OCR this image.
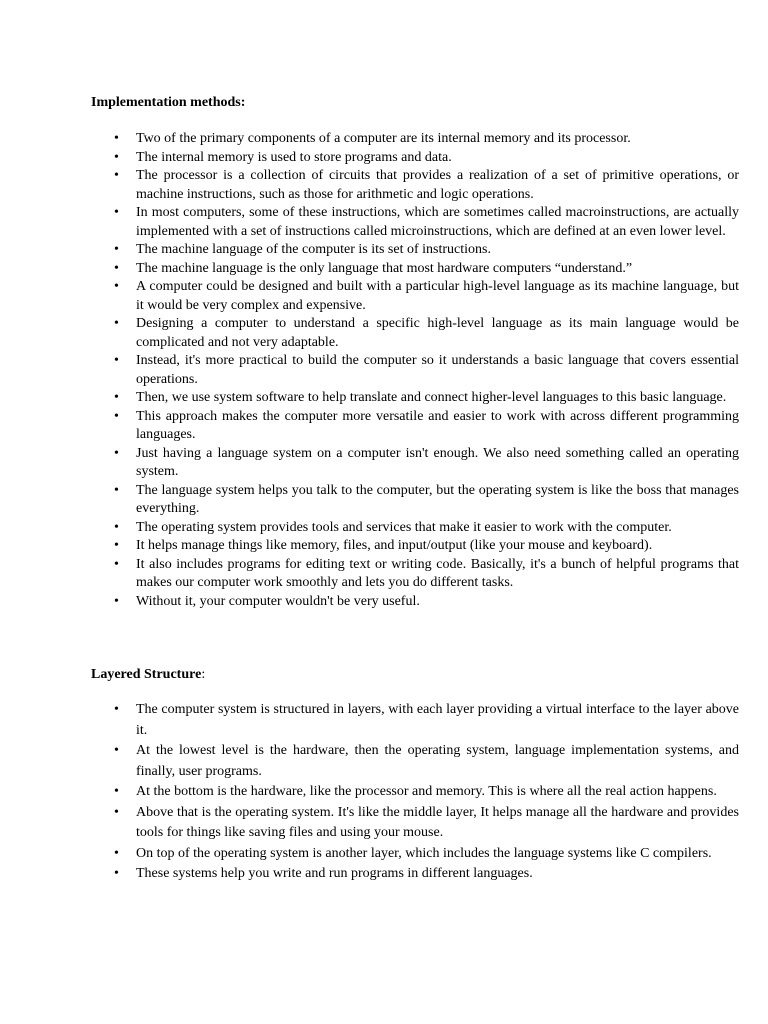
Implementation methods:

• Two of the primary components of a computer are its internal memory and its processor.
• The internal memory is used to store programs and data.
• The processor is a collection of circuits that provides a realization of a set of primitive operations, or machine instructions, such as those for arithmetic and logic operations.
• In most computers, some of these instructions, which are sometimes called macroinstructions, are actually implemented with a set of instructions called microinstructions, which are defined at an even lower level.
• The machine language of the computer is its set of instructions.
• The machine language is the only language that most hardware computers “understand.”
• A computer could be designed and built with a particular high-level language as its machine language, but it would be very complex and expensive.
• Designing a computer to understand a specific high-level language as its main language would be complicated and not very adaptable.
• Instead, it's more practical to build the computer so it understands a basic language that covers essential operations.
• Then, we use system software to help translate and connect higher-level languages to this basic language.
• This approach makes the computer more versatile and easier to work with across different programming languages.
• Just having a language system on a computer isn't enough. We also need something called an operating system.
• The language system helps you talk to the computer, but the operating system is like the boss that manages everything.
• The operating system provides tools and services that make it easier to work with the computer.
• It helps manage things like memory, files, and input/output (like your mouse and keyboard).
• It also includes programs for editing text or writing code. Basically, it's a bunch of helpful programs that makes our computer work smoothly and lets you do different tasks.
• Without it, your computer wouldn't be very useful.

Layered Structure:

• The computer system is structured in layers, with each layer providing a virtual interface to the layer above it.
• At the lowest level is the hardware, then the operating system, language implementation systems, and finally, user programs.
• At the bottom is the hardware, like the processor and memory. This is where all the real action happens.
• Above that is the operating system. It's like the middle layer, It helps manage all the hardware and provides tools for things like saving files and using your mouse.
• On top of the operating system is another layer, which includes the language systems like C compilers.
• These systems help you write and run programs in different languages.
